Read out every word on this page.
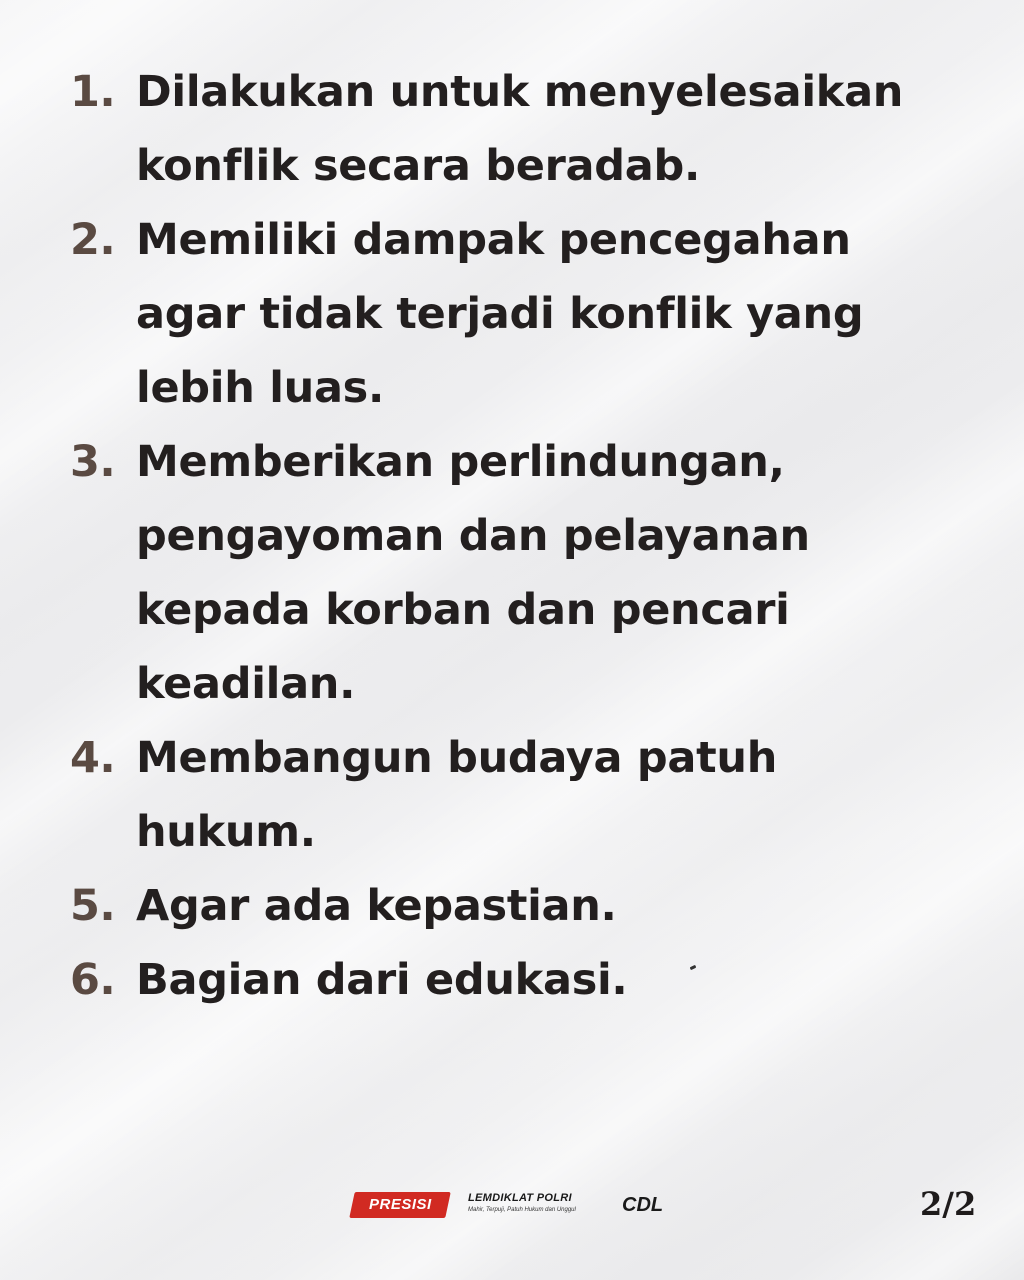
1. Dilakukan untuk menyelesaikan konflik secara beradab.
2. Memiliki dampak pencegahan agar tidak terjadi konflik yang lebih luas.
3. Memberikan perlindungan, pengayoman dan pelayanan kepada korban dan pencari keadilan.
4. Membangun budaya patuh hukum.
5. Agar ada kepastian.
6. Bagian dari edukasi.
PRESISI	LEMDIKLAT POLRI
Mahir, Terpuji, Patuh Hukum dan Unggul	CDL	2/2
